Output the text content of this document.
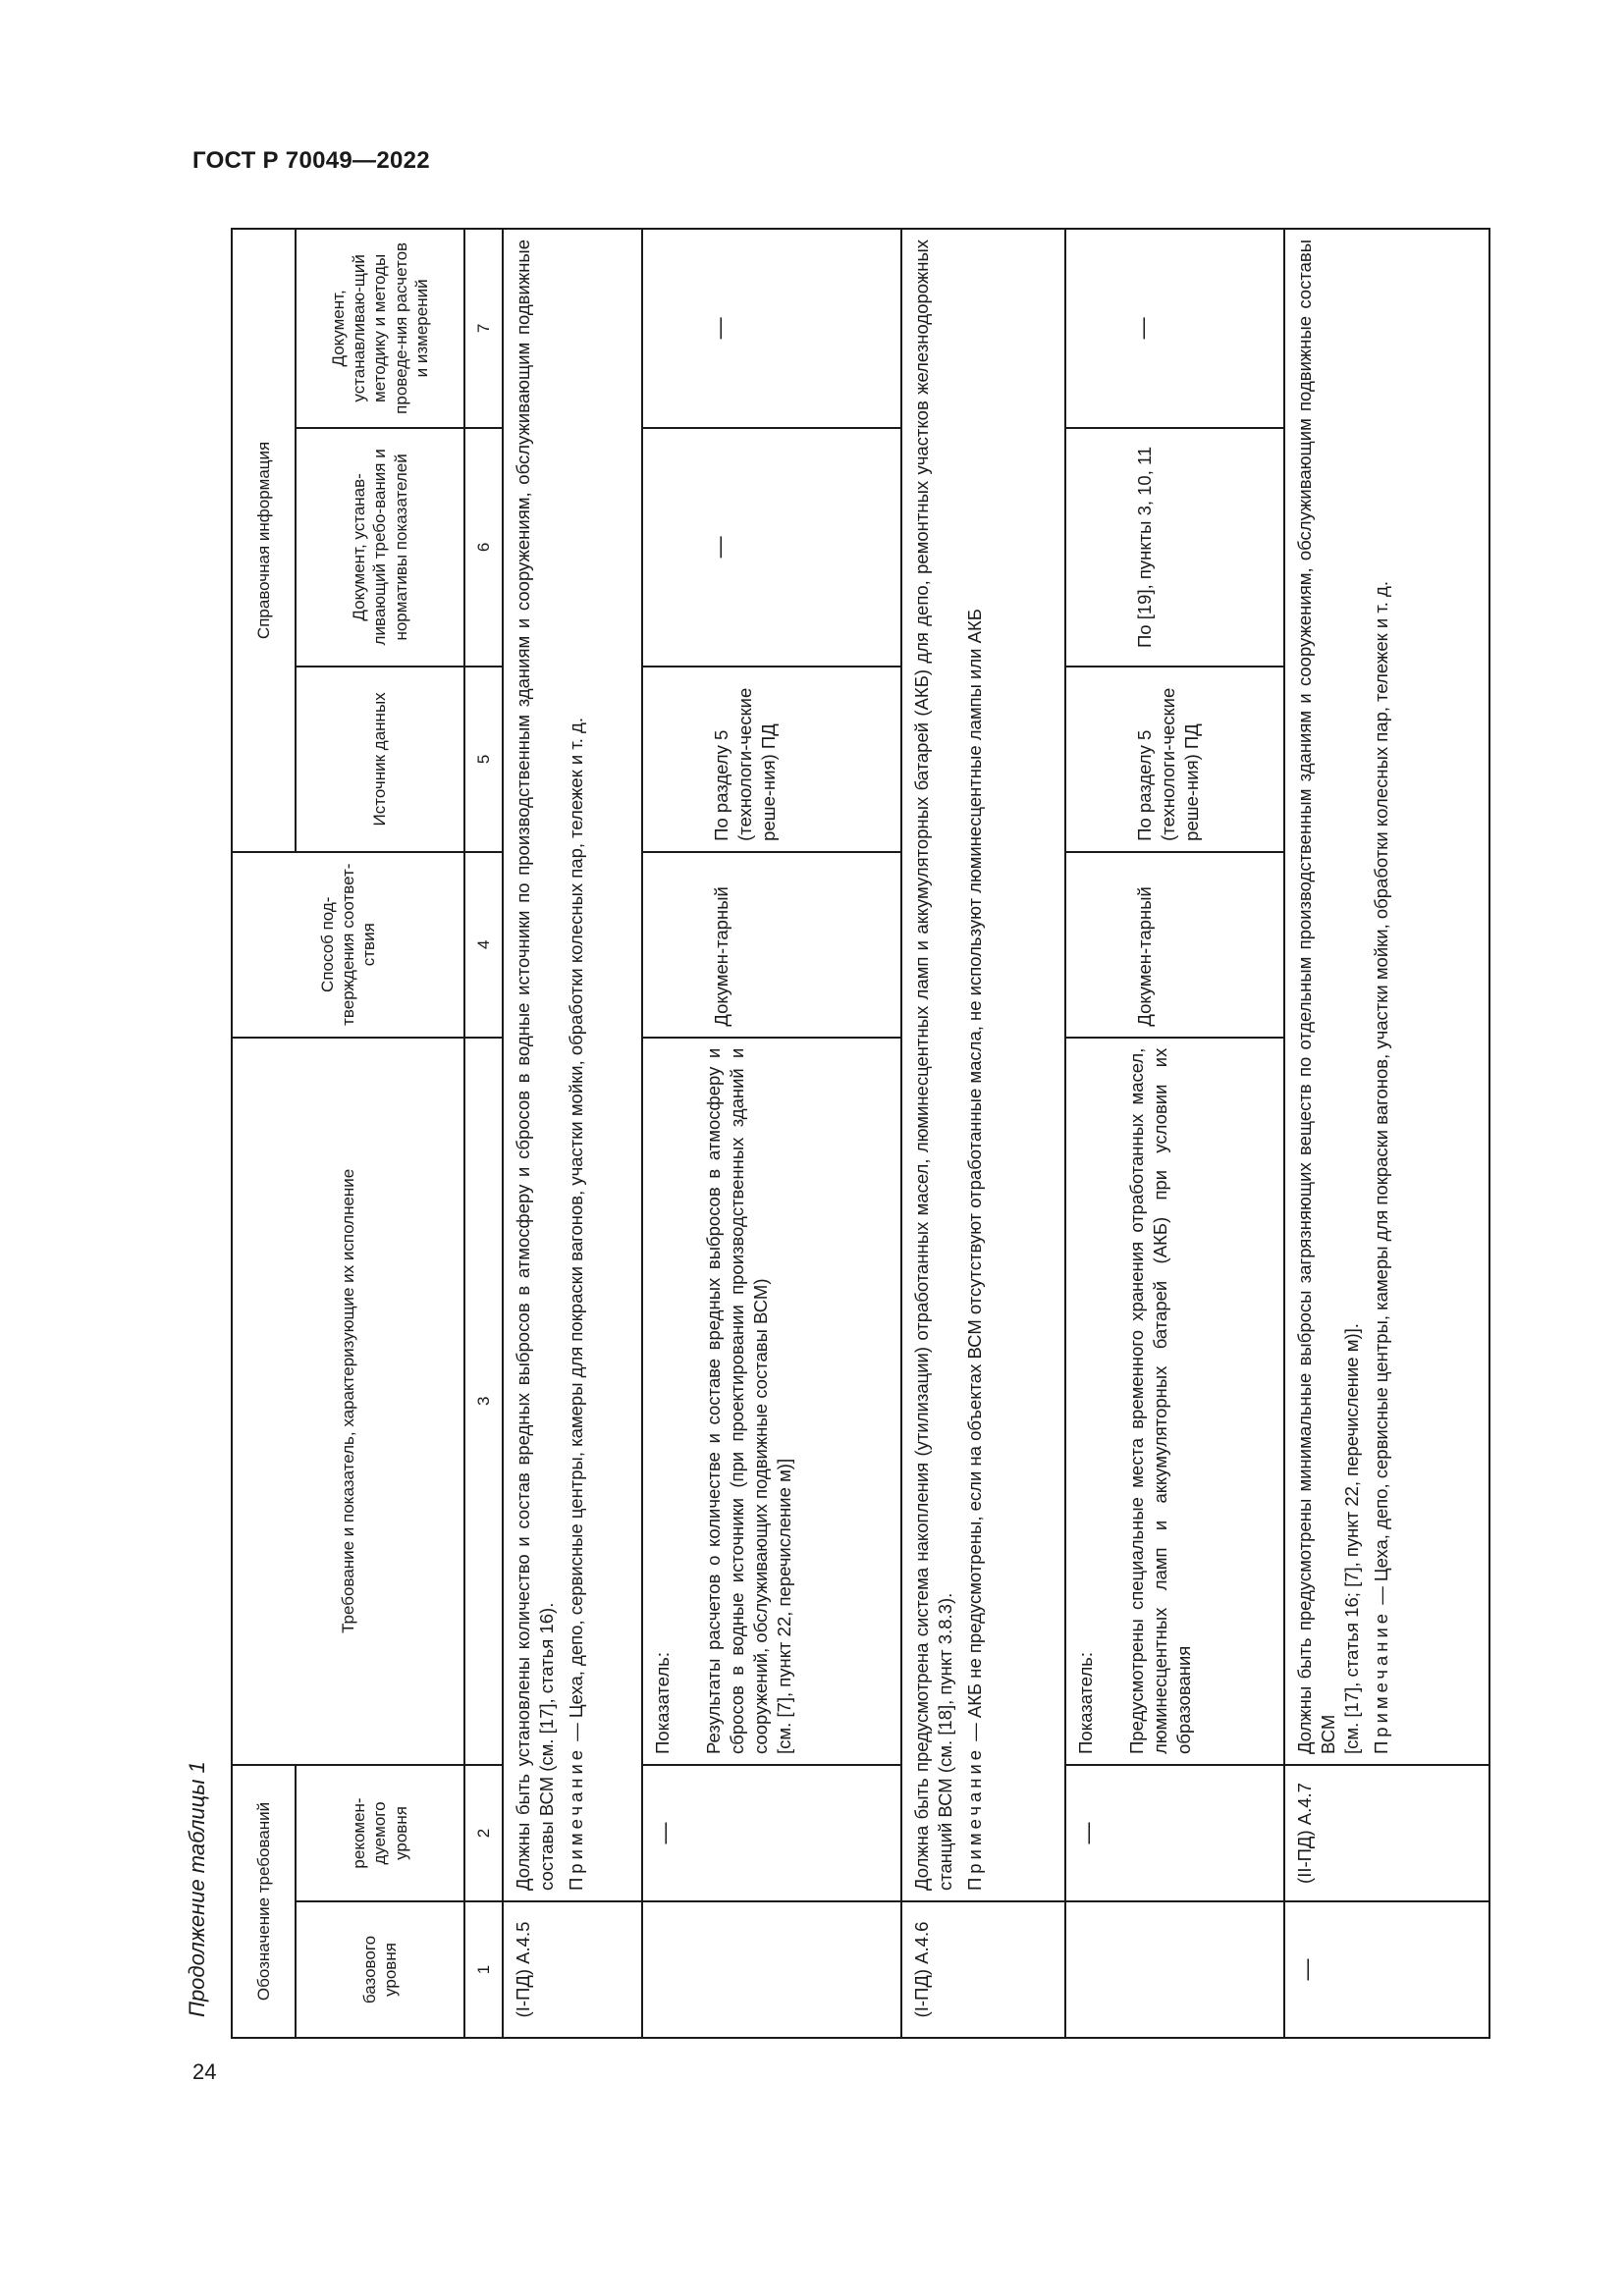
ГОСТ Р 70049—2022
24
Продолжение таблицы 1	Обозначение требований		Требование и показатель, характеризующие их исполнение	Способ под-тверждения соответ-ствия	Справочная информация		
базового уровня	рекомен-дуемого уровня			Источник данных	Документ, устанав-ливающий требо-вания и нормативы показателей	Документ, устанавливаю-щий методику и методы проведе-ния расчетов и измерений
1	2	3	4	5	6	7
(I-ПД) А.4.5	Должны быть установлены количество и состав вредных выбросов в атмосферу и сбросов в водные источники по производственным зданиям и сооружениям, обслуживающим подвижные составы ВСМ (см. [17], статья 16). Примечание — Цеха, депо, сервисные центры, камеры для покраски вагонов, участки мойки, обработки колесных пар, тележек и т. д.					

	—	Показатель: Результаты расчетов о количестве и составе вредных выбросов в атмосферу и сбросов в водные источники (при проектировании производственных зданий и сооружений, обслуживающих подвижные составы ВСМ) [см. [7], пункт 22, перечисление м)]	Докумен-тарный	По разделу 5 (технологи-ческие реше-ния) ПД	—	—
(I-ПД) А.4.6	Должна быть предусмотрена система накопления (утилизации) отработанных масел, люминесцентных ламп и аккумуляторных батарей (АКБ) для депо, ремонтных участков железнодорожных станций ВСМ (см. [18], пункт 3.8.3). Примечание — АКБ не предусмотрены, если на объектах ВСМ отсутствуют отработанные масла, не используют люминесцентные лампы или АКБ					

	—	Показатель: Предусмотрены специальные места временного хранения отработанных масел, люминесцентных ламп и аккумуляторных батарей (АКБ) при условии их образования	Докумен-тарный	По разделу 5 (технологи-ческие реше-ния) ПД	По [19], пункты 3, 10, 11	—
—	(II-ПД) А.4.7	Должны быть предусмотрены минимальные выбросы загрязняющих веществ по отдельным производственным зданиям и сооружениям, обслуживающим подвижные составы ВСМ [см. [17], статья 16; [7], пункт 22, перечисление м)]. Примечание — Цеха, депо, сервисные центры, камеры для покраски вагонов, участки мойки, обработки колесных пар, тележек и т. д.				
